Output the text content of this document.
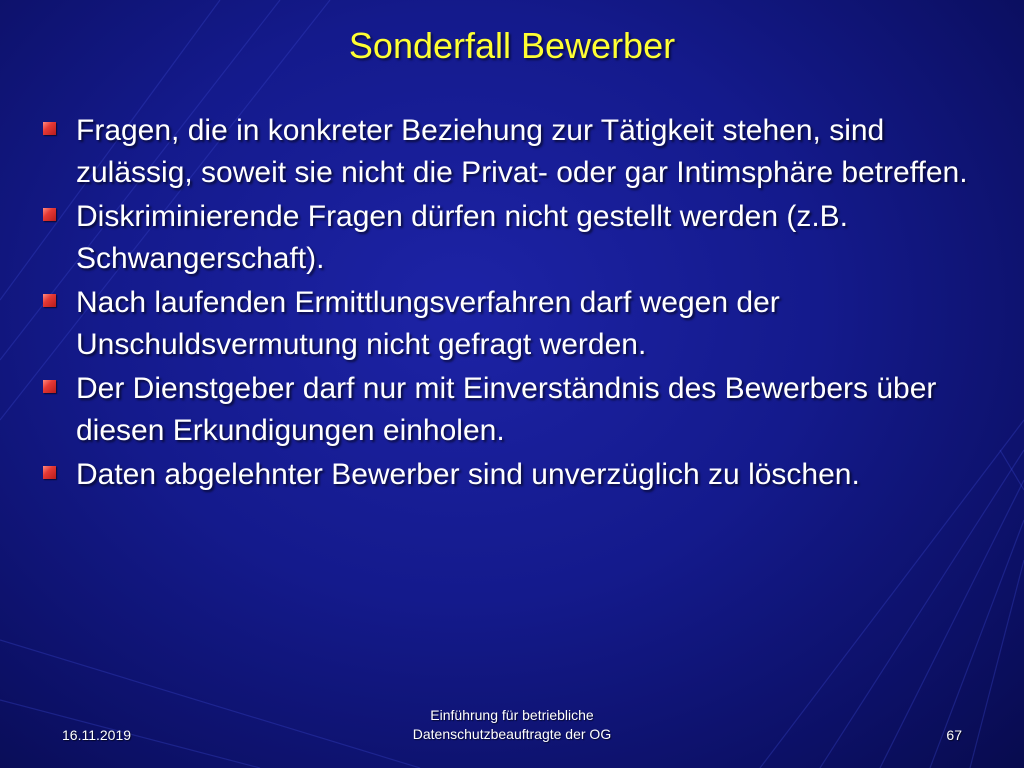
Sonderfall Bewerber
Fragen, die in konkreter Beziehung zur Tätigkeit stehen, sind zulässig, soweit sie nicht die Privat- oder gar Intimsphäre betreffen.
Diskriminierende Fragen dürfen nicht gestellt werden (z.B. Schwangerschaft).
Nach laufenden Ermittlungsverfahren darf wegen der Unschuldsvermutung nicht gefragt werden.
Der Dienstgeber darf nur mit Einverständnis des Bewerbers über diesen Erkundigungen einholen.
Daten abgelehnter Bewerber sind unverzüglich zu löschen.
16.11.2019
Einführung für betriebliche
Datenschutzbeauftragte der OG	67
